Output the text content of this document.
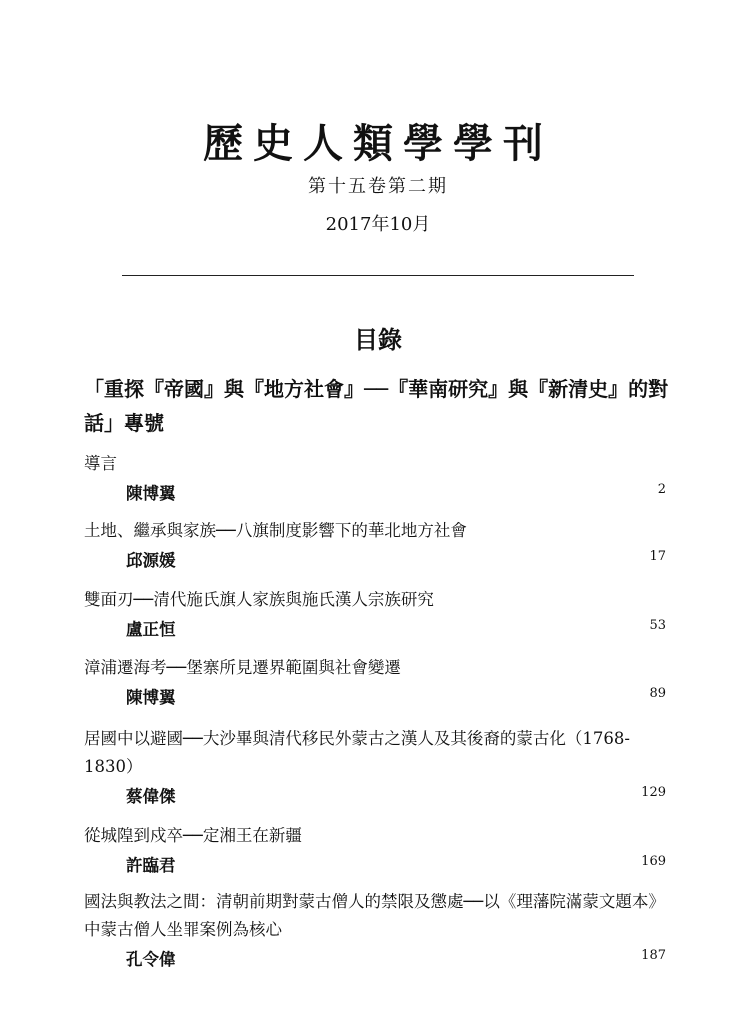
歷史人類學學刊
第十五卷第二期
2017年10月
目錄
「重探『帝國』與『地方社會』──『華南研究』與『新清史』的對話」專號
導言
陳博翼	2
土地、繼承與家族──八旗制度影響下的華北地方社會
邱源媛	17
雙面刃──清代施氏旗人家族與施氏漢人宗族研究
盧正恒	53
漳浦遷海考──堡寨所見遷界範圍與社會變遷
陳博翼	89
居國中以避國──大沙畢與清代移民外蒙古之漢人及其後裔的蒙古化（1768-1830）
蔡偉傑	129
從城隍到戍卒──定湘王在新疆
許臨君	169
國法與教法之間：清朝前期對蒙古僧人的禁限及懲處──以《理藩院滿蒙文題本》中蒙古僧人坐罪案例為核心
孔令偉	187
